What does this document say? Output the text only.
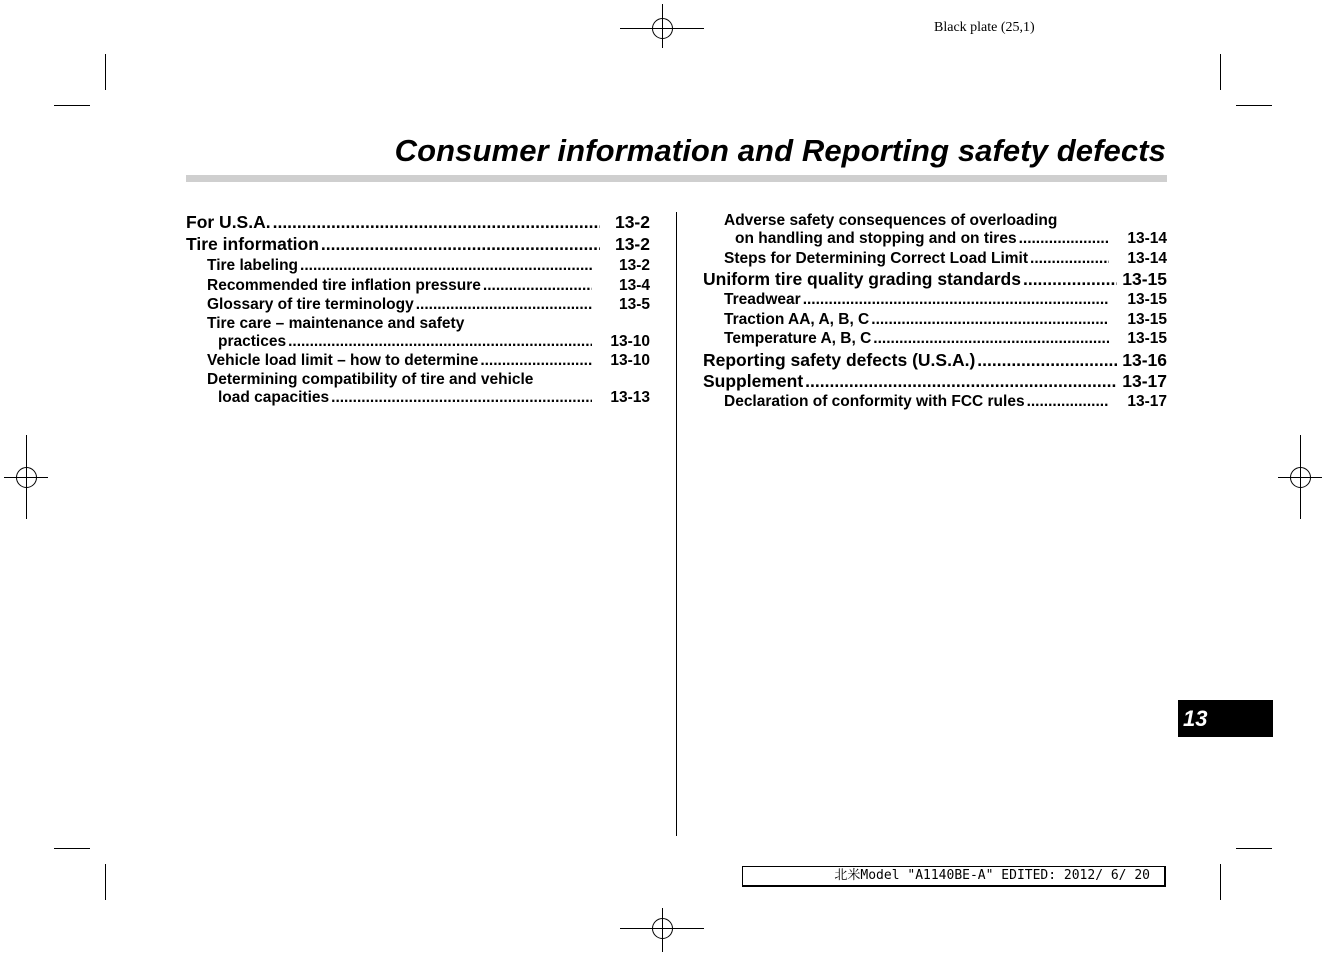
Black plate (25,1)
Consumer information and Reporting safety defects
For U.S.A. .....	13-2
Tire information .....	13-2
Tire labeling .....	13-2
Recommended tire inflation pressure .....	13-4
Glossary of tire terminology .....	13-5
Tire care – maintenance and safety
practices .....	13-10
Vehicle load limit – how to determine .....	13-10
Determining compatibility of tire and vehicle
load capacities .....	13-13
Adverse safety consequences of overloading
on handling and stopping and on tires .....	13-14
Steps for Determining Correct Load Limit .....	13-14
Uniform tire quality grading standards .....	13-15
Treadwear .....	13-15
Traction AA, A, B, C .....	13-15
Temperature A, B, C .....	13-15
Reporting safety defects (U.S.A.) .....	13-16
Supplement .....	13-17
Declaration of conformity with FCC rules .....	13-17
13
北米Model "A1140BE-A" EDITED: 2012/ 6/ 20
